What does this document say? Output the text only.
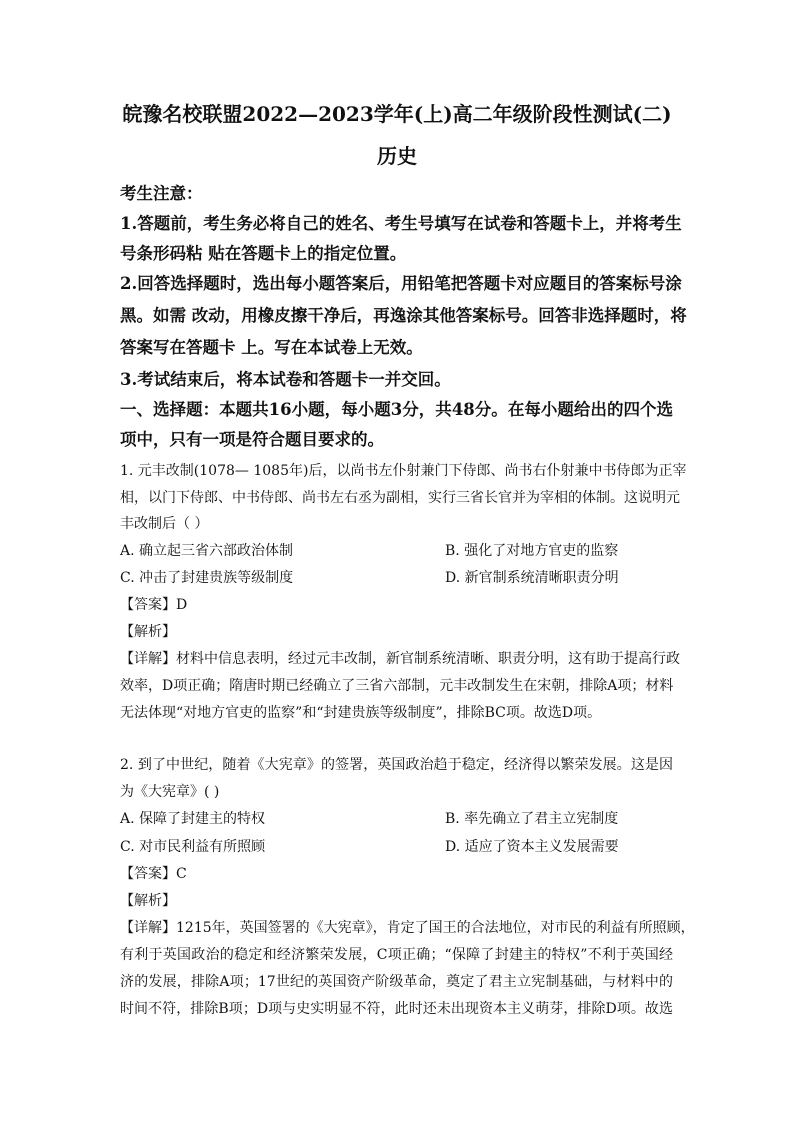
皖豫名校联盟2022—2023学年(上)高二年级阶段性测试(二)
历史
考生注意：
1.答题前，考生务必将自己的姓名、考生号填写在试卷和答题卡上，并将考生
号条形码粘 贴在答题卡上的指定位置。
2.回答选择题时，选出每小题答案后，用铅笔把答题卡对应题目的答案标号涂
黑。如需 改动，用橡皮擦干净后，再逸涂其他答案标号。回答非选择题时，将
答案写在答题卡 上。写在本试卷上无效。
3.考试结束后，将本试卷和答题卡一并交回。
一、选择题：本题共16小题，每小题3分，共48分。在每小题给出的四个选
项中，只有一项是符合题目要求的。
1. 元丰改制(1078— 1085年)后，以尚书左仆射兼门下侍郎、尚书右仆射兼中书侍郎为正宰
相，以门下侍郎、中书侍郎、尚书左右丞为副相，实行三省长官并为宰相的体制。这说明元
丰改制后（ ）
A. 确立起三省六部政治体制	B. 强化了对地方官吏的监察
C. 冲击了封建贵族等级制度	D. 新官制系统清晰职责分明
【答案】D
【解析】
【详解】材料中信息表明，经过元丰改制，新官制系统清晰、职责分明，这有助于提高行政
效率，D项正确；隋唐时期已经确立了三省六部制，元丰改制发生在宋朝，排除A项；材料
无法体现“对地方官吏的监察”和“封建贵族等级制度”，排除BC项。故选D项。
2. 到了中世纪，随着《大宪章》的签署，英国政治趋于稳定，经济得以繁荣发展。这是因
为《大宪章》( )
A. 保障了封建主的特权	B. 率先确立了君主立宪制度
C. 对市民利益有所照顾	D. 适应了资本主义发展需要
【答案】C
【解析】
【详解】1215年，英国签署的《大宪章》，肯定了国王的合法地位，对市民的利益有所照顾，
有利于英国政治的稳定和经济繁荣发展，C项正确；“保障了封建主的特权”不利于英国经
济的发展，排除A项；17世纪的英国资产阶级革命，奠定了君主立宪制基础，与材料中的
时间不符，排除B项；D项与史实明显不符，此时还未出现资本主义萌芽，排除D项。故选
